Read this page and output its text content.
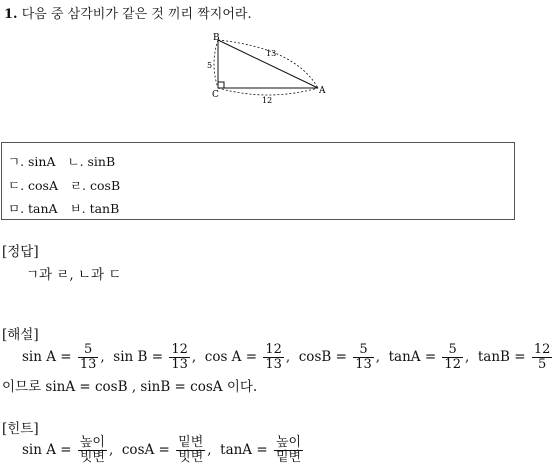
1. 다음 중 삼각비가 같은 것 끼리 짝지어라.
B
C	A
5
13
12
ㄱ. sinA ㄴ. sinB
ㄷ. cosA ㄹ. cosB
ㅁ. tanA ㅂ. tanB
[정답]
ㄱ과 ㄹ, ㄴ과 ㄷ
[해설]
$\sin A = \frac{5}{13}$ , $\sin B = \frac{12}{13}$ , $\cos A = \frac{12}{13}$ , $\cos B = \frac{5}{13}$ , $\tan A = \frac{5}{12}$ , $\tan B = \frac{12}{5}$
이므로 sinA = cosB , sinB = cosA 이다.
[힌트]
$\sin A = \frac{\text{높이}}{\text{빗변}}$ , $\cos A = \frac{\text{밑변}}{\text{빗변}}$ , $\tan A = \frac{\text{높이}}{\text{밑변}}$
